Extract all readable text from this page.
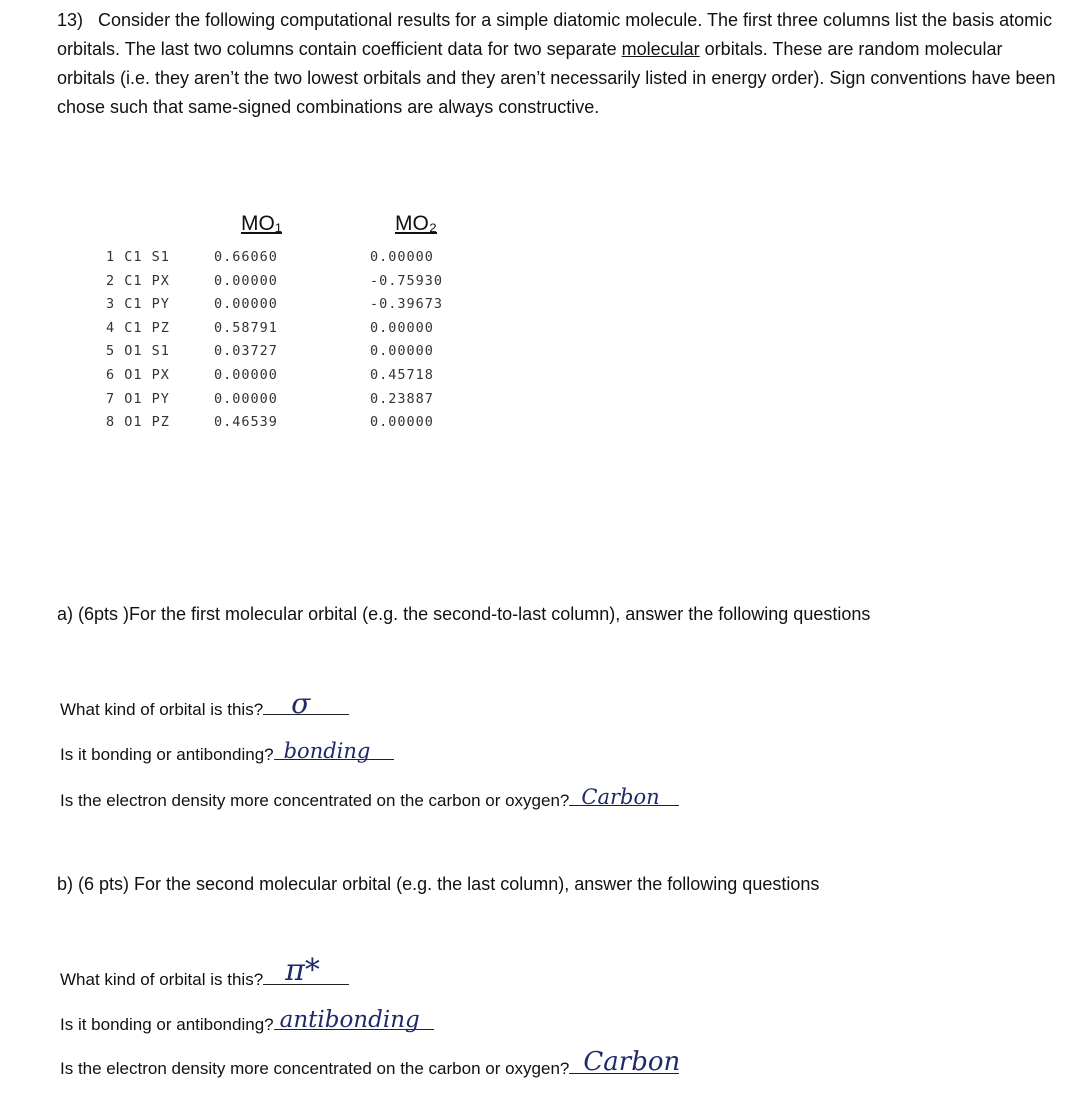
13) Consider the following computational results for a simple diatomic molecule. The first three columns list the basis atomic orbitals. The last two columns contain coefficient data for two separate molecular orbitals. These are random molecular orbitals (i.e. they aren’t the two lowest orbitals and they aren’t necessarily listed in energy order). Sign conventions have been chose such that same-signed combinations are always constructive.
MO₁	MO₂
1 C1 S1	0.66060	0.00000
2 C1 PX	0.00000	-0.75930
3 C1 PY	0.00000	-0.39673
4 C1 PZ	0.58791	0.00000
5 O1 S1	0.03727	0.00000
6 O1 PX	0.00000	0.45718
7 O1 PY	0.00000	0.23887
8 O1 PZ	0.46539	0.00000
a) (6pts )For the first molecular orbital (e.g. the second-to-last column), answer the following questions
What kind of orbital is this? σ
Is it bonding or antibonding? bonding
Is the electron density more concentrated on the carbon or oxygen? Carbon
b) (6 pts) For the second molecular orbital (e.g. the last column), answer the following questions
What kind of orbital is this? π*
Is it bonding or antibonding? antibonding
Is the electron density more concentrated on the carbon or oxygen? Carbon
